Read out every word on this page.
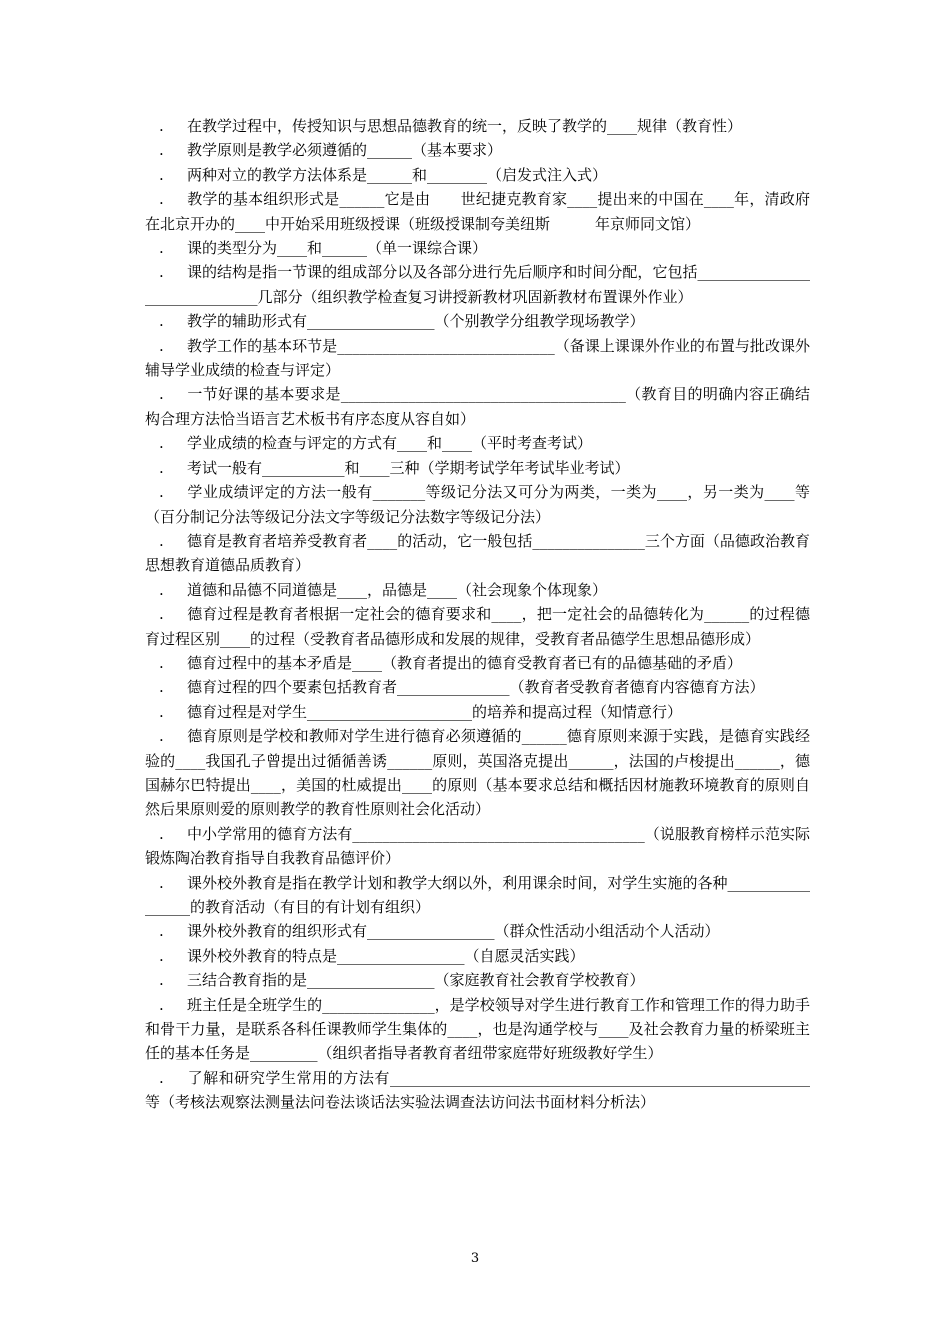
. 在教学过程中，传授知识与思想品德教育的统一，反映了教学的____规律（教育性）

. 教学原则是教学必须遵循的______（基本要求）

. 两种对立的教学方法体系是______和________（启发式注入式）

. 教学的基本组织形式是______它是由　　世纪捷克教育家____提出来的中国在____年，清政府在北京开办的____中开始采用班级授课（班级授课制夸美纽斯　　　年京师同文馆）

. 课的类型分为____和______（单一课综合课）

. 课的结构是指一节课的组成部分以及各部分进行先后顺序和时间分配，它包括______________________________几部分（组织教学检查复习讲授新教材巩固新教材布置课外作业）

. 教学的辅助形式有_________________（个别教学分组教学现场教学）

. 教学工作的基本环节是_____________________________（备课上课课外作业的布置与批改课外辅导学业成绩的检查与评定）

. 一节好课的基本要求是______________________________________（教育目的明确内容正确结构合理方法恰当语言艺术板书有序态度从容自如）

. 学业成绩的检查与评定的方式有____和____（平时考查考试）

. 考试一般有___________和____三种（学期考试学年考试毕业考试）

. 学业成绩评定的方法一般有_______等级记分法又可分为两类，一类为____，另一类为____等（百分制记分法等级记分法文字等级记分法数字等级记分法）

. 德育是教育者培养受教育者____的活动，它一般包括_______________三个方面（品德政治教育思想教育道德品质教育）

. 道德和品德不同道德是____，品德是____（社会现象个体现象）

. 德育过程是教育者根据一定社会的德育要求和____，把一定社会的品德转化为______的过程德育过程区别____的过程（受教育者品德形成和发展的规律，受教育者品德学生思想品德形成）

. 德育过程中的基本矛盾是____（教育者提出的德育受教育者已有的品德基础的矛盾）

. 德育过程的四个要素包括教育者_______________（教育者受教育者德育内容德育方法）

. 德育过程是对学生______________________的培养和提高过程（知情意行）

. 德育原则是学校和教师对学生进行德育必须遵循的______德育原则来源于实践，是德育实践经验的____我国孔子曾提出过循循善诱______原则，英国洛克提出______，法国的卢梭提出______，德国赫尔巴特提出____，美国的杜威提出____的原则（基本要求总结和概括因材施教环境教育的原则自然后果原则爱的原则教学的教育性原则社会化活动）

. 中小学常用的德育方法有_______________________________________（说服教育榜样示范实际锻炼陶冶教育指导自我教育品德评价）

. 课外校外教育是指在教学计划和教学大纲以外，利用课余时间，对学生实施的各种_________________的教育活动（有目的有计划有组织）

. 课外校外教育的组织形式有_________________（群众性活动小组活动个人活动）

. 课外校外教育的特点是_________________（自愿灵活实践）

. 三结合教育指的是_________________（家庭教育社会教育学校教育）

. 班主任是全班学生的_______________，是学校领导对学生进行教育工作和管理工作的得力助手和骨干力量，是联系各科任课教师学生集体的____，也是沟通学校与____及社会教育力量的桥梁班主任的基本任务是_________（组织者指导者教育者纽带家庭带好班级教好学生）

. 了解和研究学生常用的方法有________________________________________________________等（考核法观察法测量法问卷法谈话法实验法调查法访问法书面材料分析法）

3
